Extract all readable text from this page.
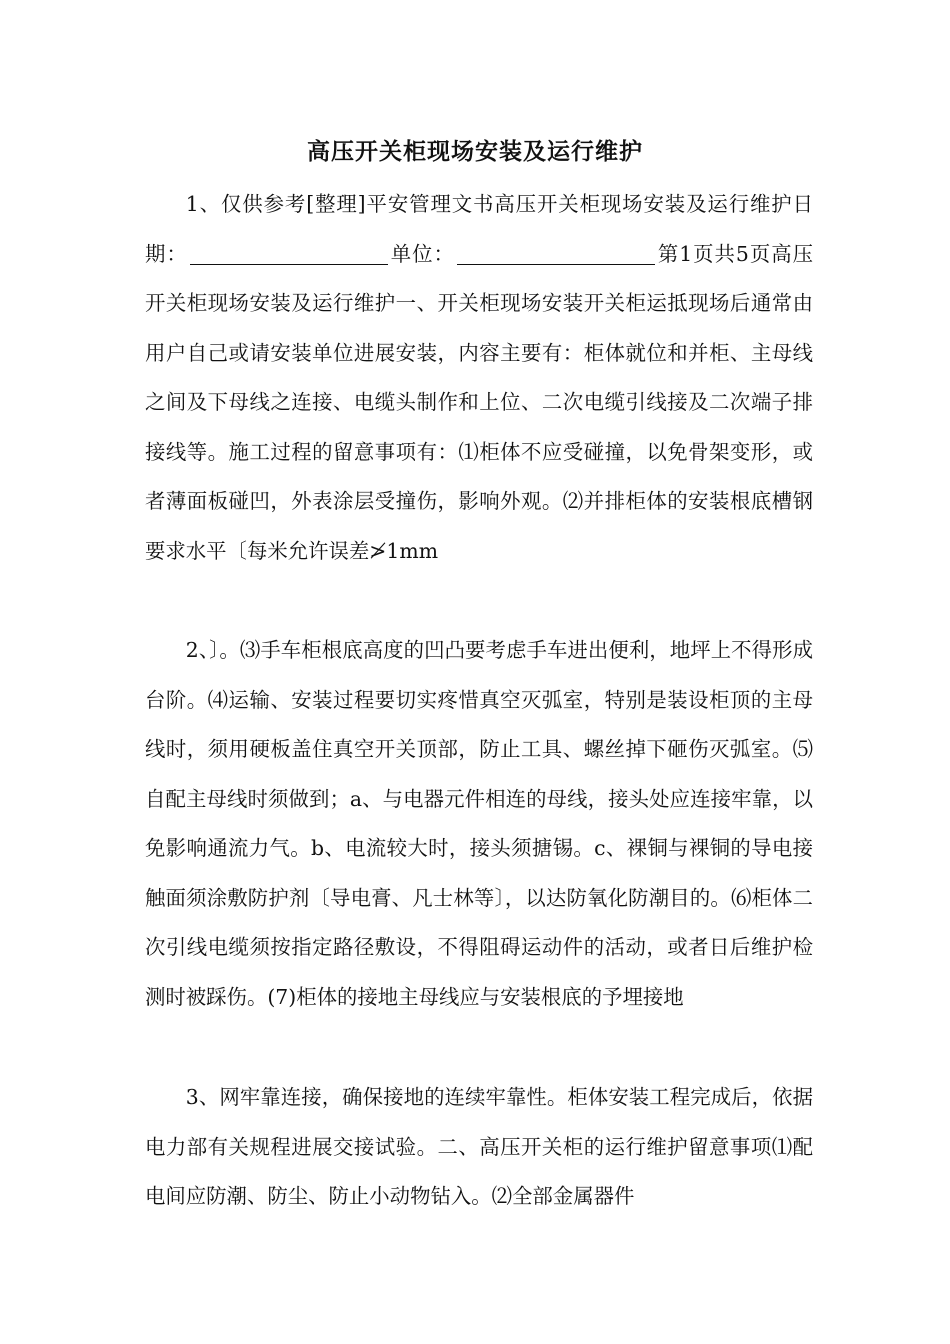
高压开关柜现场安装及运行维护

1、仅供参考[整理]平安管理文书高压开关柜现场安装及运行维护日期：	单位：	第1页共5页高压开关柜现场安装及运行维护一、开关柜现场安装开关柜运抵现场后通常由用户自己或请安装单位进展安装，内容主要有：柜体就位和并柜、主母线之间及下母线之连接、电缆头制作和上位、二次电缆引线接及二次端子排接线等。施工过程的留意事项有：⑴柜体不应受碰撞，以免骨架变形，或者薄面板碰凹，外表涂层受撞伤，影响外观。⑵并排柜体的安装根底槽钢要求水平〔每米允许误差≯1mm

2、〕。⑶手车柜根底高度的凹凸要考虑手车进出便利，地坪上不得形成台阶。⑷运输、安装过程要切实疼惜真空灭弧室，特别是装设柜顶的主母线时，须用硬板盖住真空开关顶部，防止工具、螺丝掉下砸伤灭弧室。⑸自配主母线时须做到；a、与电器元件相连的母线，接头处应连接牢靠，以免影响通流力气。b、电流较大时，接头须搪锡。c、裸铜与裸铜的导电接触面须涂敷防护剂〔导电膏、凡士林等〕，以达防氧化防潮目的。⑹柜体二次引线电缆须按指定路径敷设，不得阻碍运动件的活动，或者日后维护检测时被踩伤。(7)柜体的接地主母线应与安装根底的予埋接地

3、网牢靠连接，确保接地的连续牢靠性。柜体安装工程完成后，依据电力部有关规程进展交接试验。二、高压开关柜的运行维护留意事项⑴配电间应防潮、防尘、防止小动物钻入。⑵全部金属器件
